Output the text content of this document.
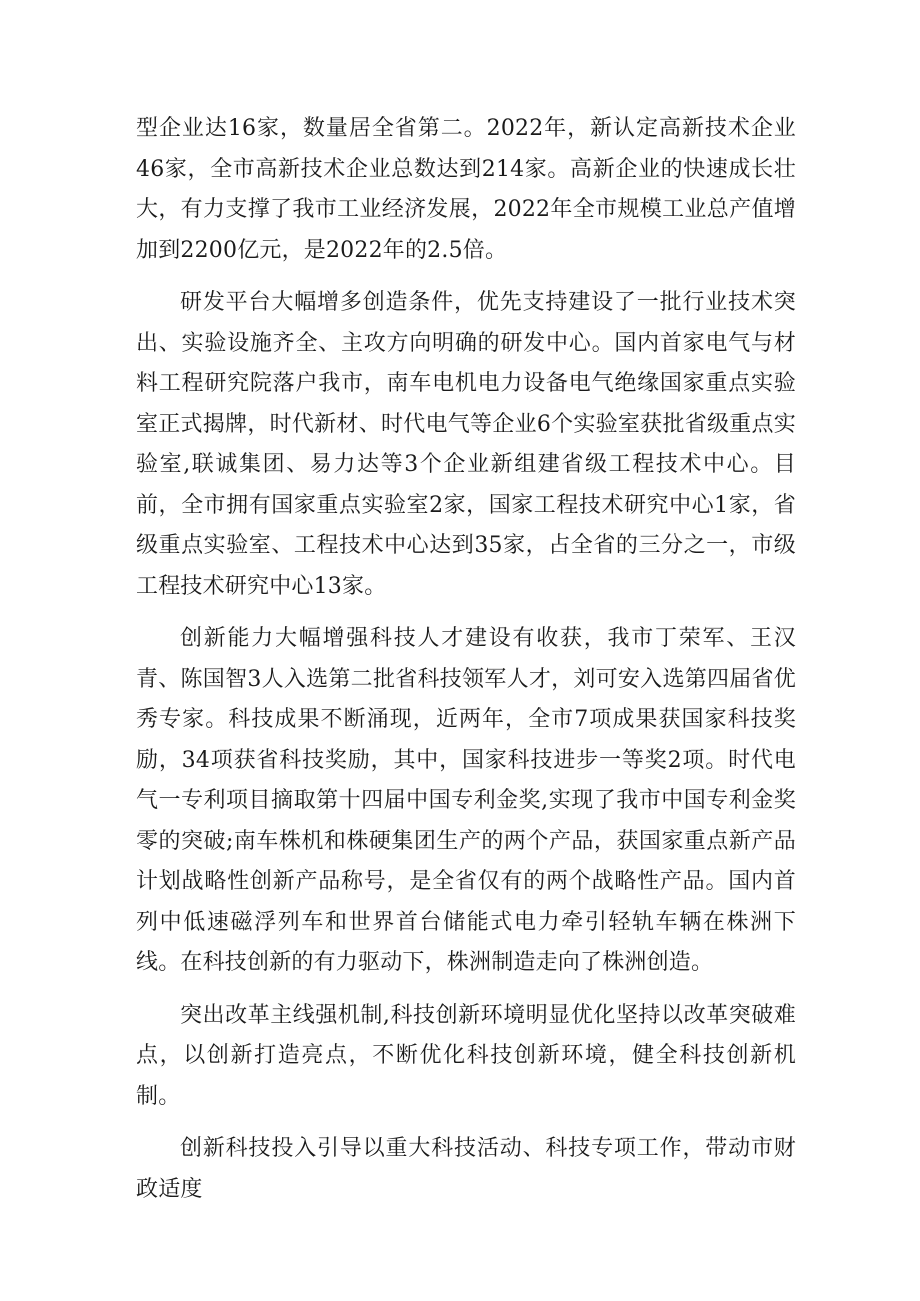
型企业达16家，数量居全省第二。2022年，新认定高新技术企业46家，全市高新技术企业总数达到214家。高新企业的快速成长壮大，有力支撑了我市工业经济发展，2022年全市规模工业总产值增加到2200亿元，是2022年的2.5倍。

研发平台大幅增多创造条件，优先支持建设了一批行业技术突出、实验设施齐全、主攻方向明确的研发中心。国内首家电气与材料工程研究院落户我市，南车电机电力设备电气绝缘国家重点实验室正式揭牌，时代新材、时代电气等企业6个实验室获批省级重点实验室,联诚集团、易力达等3个企业新组建省级工程技术中心。目前，全市拥有国家重点实验室2家，国家工程技术研究中心1家，省级重点实验室、工程技术中心达到35家，占全省的三分之一，市级工程技术研究中心13家。

创新能力大幅增强科技人才建设有收获，我市丁荣军、王汉青、陈国智3人入选第二批省科技领军人才，刘可安入选第四届省优秀专家。科技成果不断涌现，近两年，全市7项成果获国家科技奖励，34项获省科技奖励，其中，国家科技进步一等奖2项。时代电气一专利项目摘取第十四届中国专利金奖,实现了我市中国专利金奖零的突破;南车株机和株硬集团生产的两个产品，获国家重点新产品计划战略性创新产品称号，是全省仅有的两个战略性产品。国内首列中低速磁浮列车和世界首台储能式电力牵引轻轨车辆在株洲下线。在科技创新的有力驱动下，株洲制造走向了株洲创造。

突出改革主线强机制,科技创新环境明显优化坚持以改革突破难点，以创新打造亮点，不断优化科技创新环境，健全科技创新机制。

创新科技投入引导以重大科技活动、科技专项工作，带动市财政适度
